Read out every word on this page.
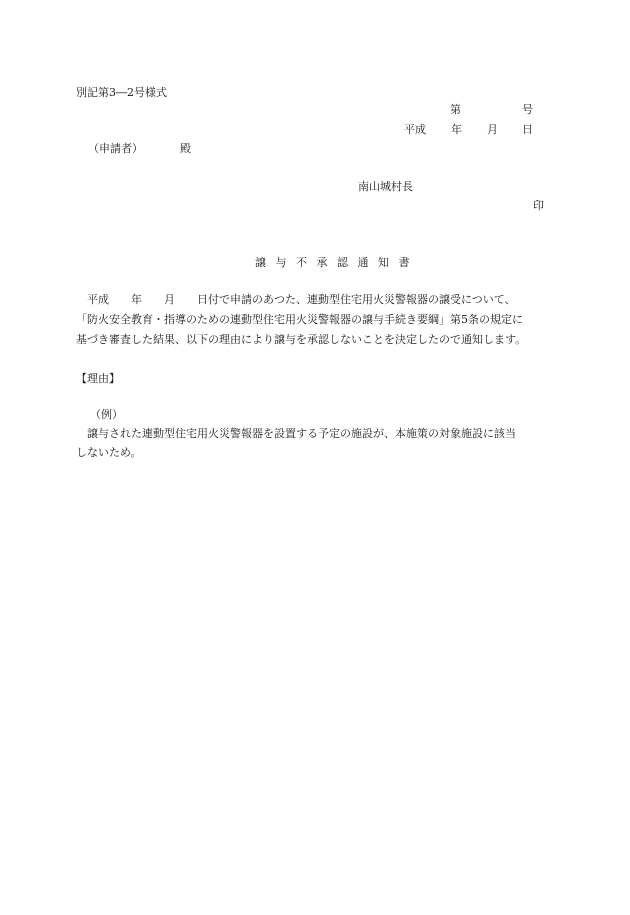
別記第3―2号様式
第	号
平成 年 月 日
（申請者）	殿
南山城村長
印
譲 与 不 承 認 通 知 書
　平成　　年　　月　　日付で申請のあつた、連動型住宅用火災警報器の譲受について、
「防火安全教育・指導のための連動型住宅用火災警報器の譲与手続き要綱」第5条の規定に
基づき審査した結果、以下の理由により譲与を承認しないことを決定したので通知します。
【理由】
（例）
　譲与された連動型住宅用火災警報器を設置する予定の施設が、本施策の対象施設に該当
しないため。
